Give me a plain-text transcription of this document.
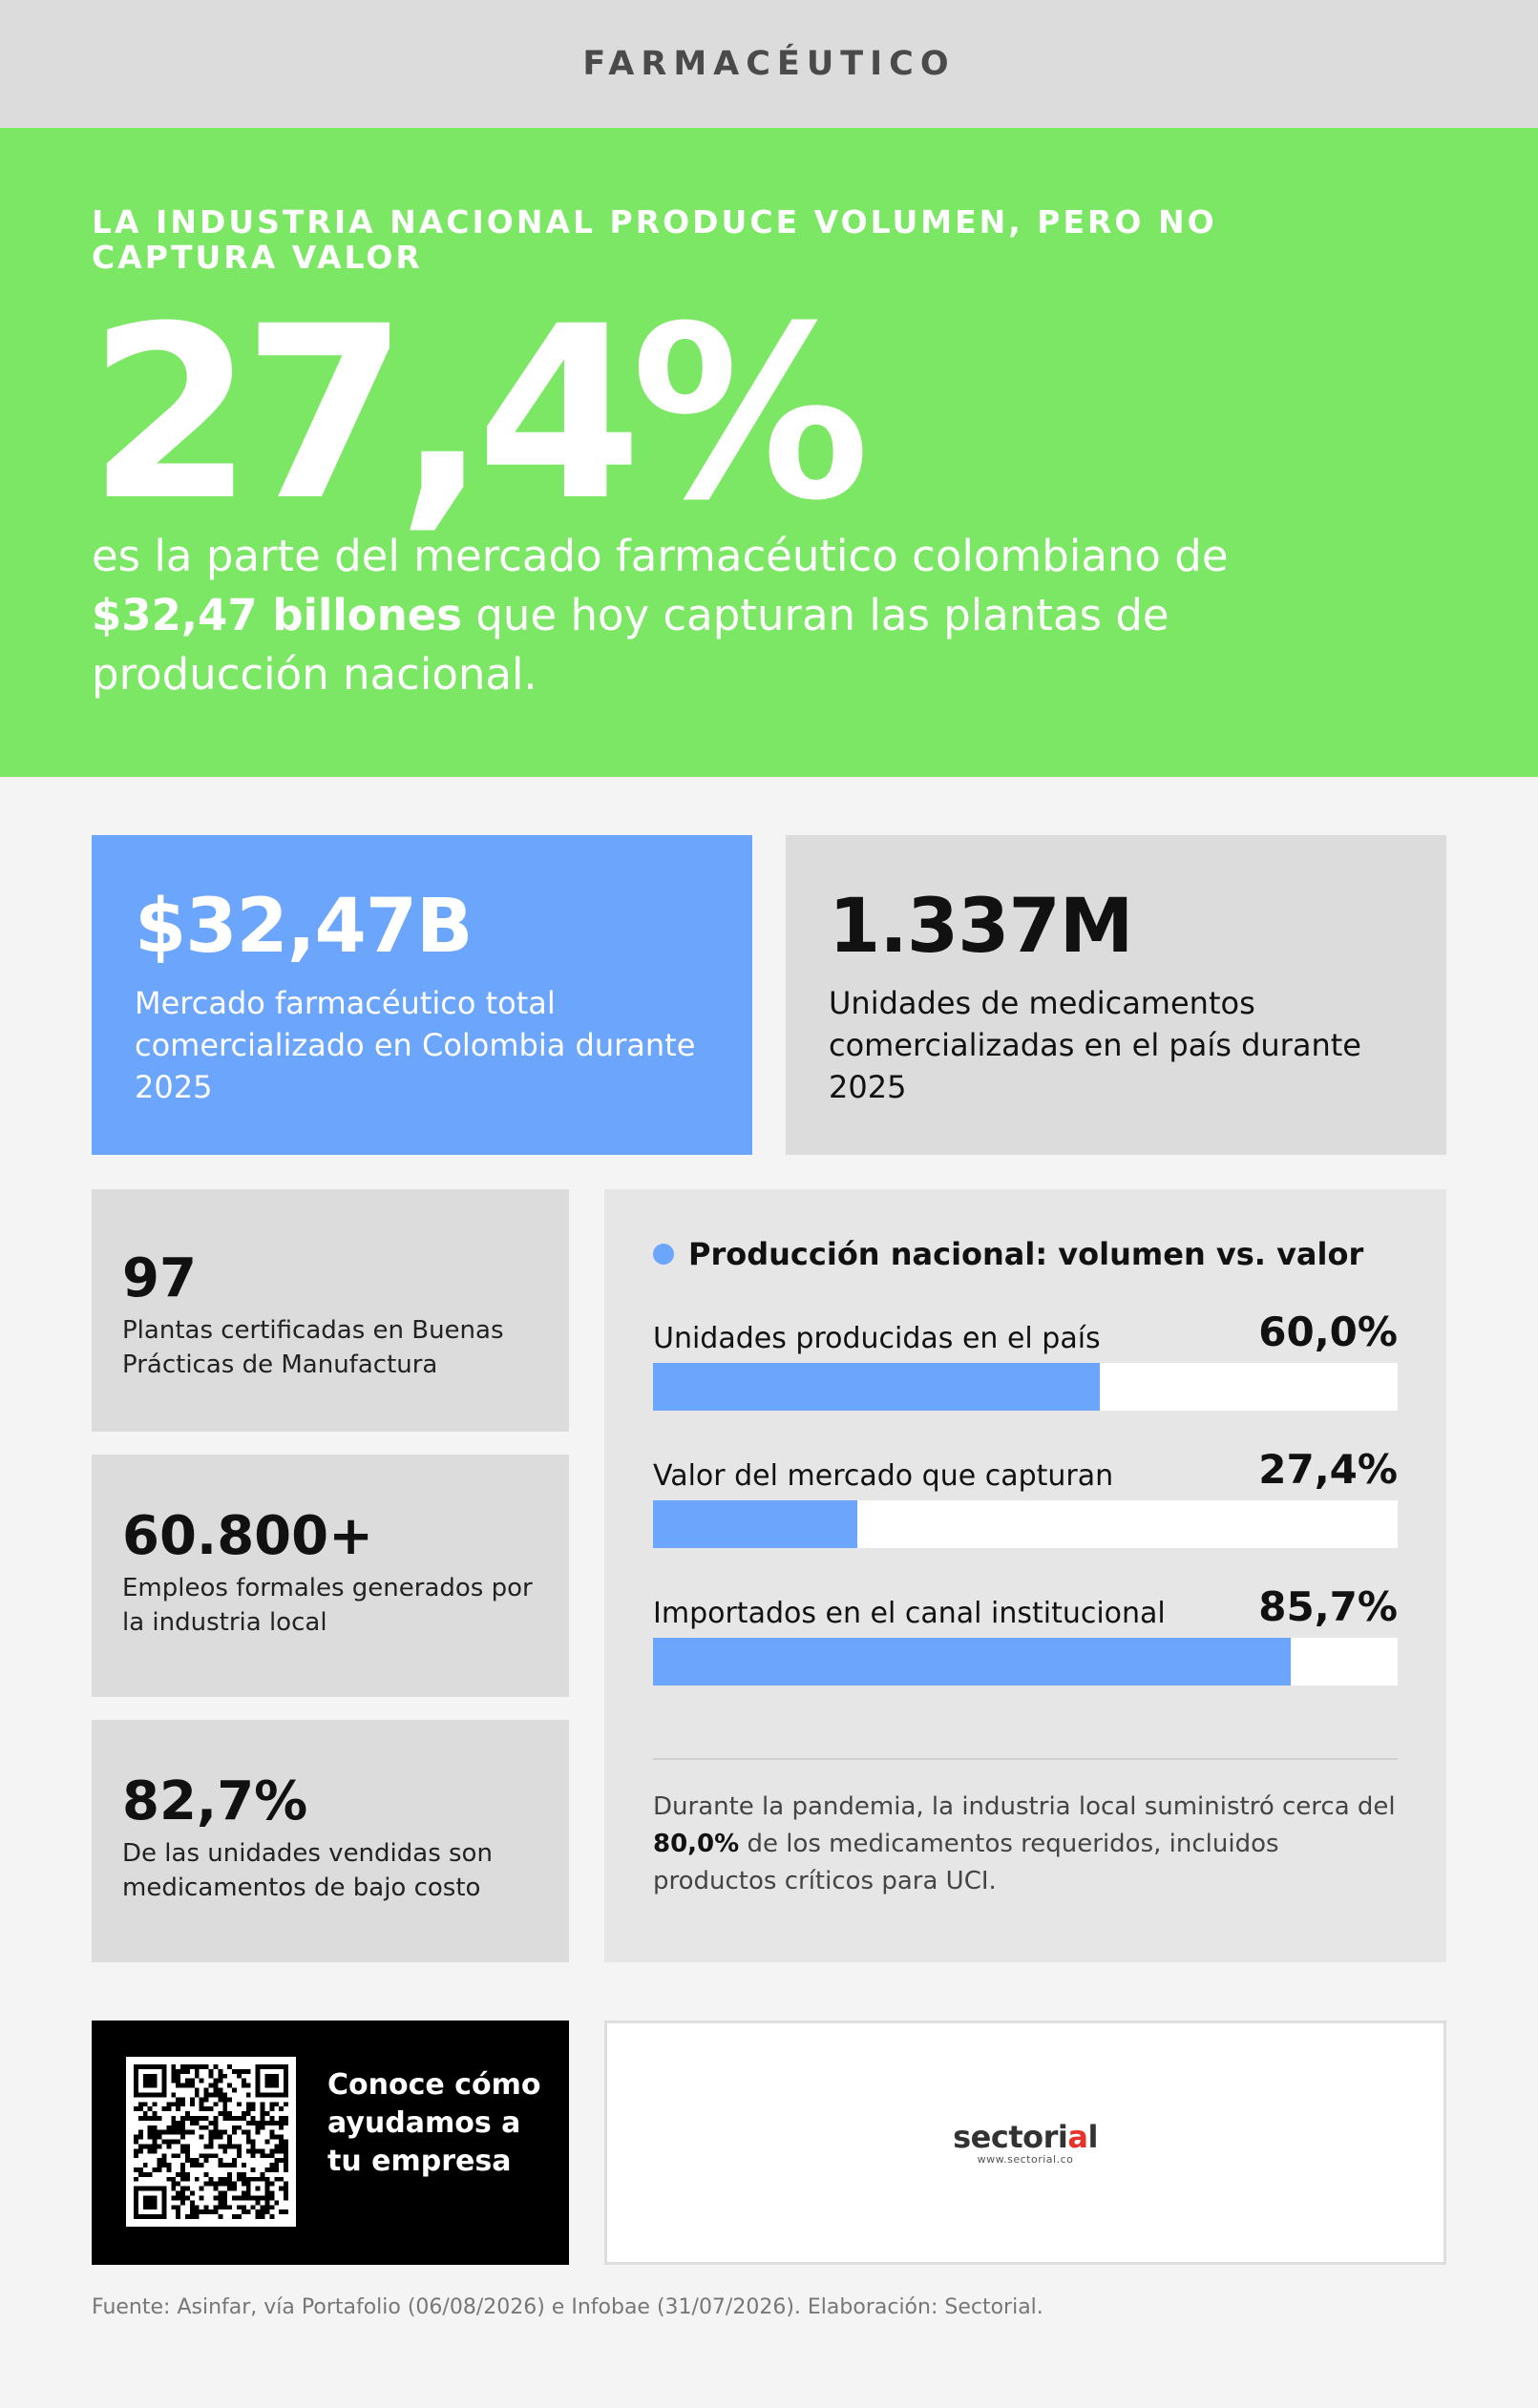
FARMACÉUTICO
LA INDUSTRIA NACIONAL PRODUCE VOLUMEN, PERO NO CAPTURA VALOR
27,4%
es la parte del mercado farmacéutico colombiano de $32,47 billones que hoy capturan las plantas de producción nacional.
$32,47B
Mercado farmacéutico total comercializado en Colombia durante 2025
1.337M
Unidades de medicamentos comercializadas en el país durante 2025
97
Plantas certificadas en Buenas Prácticas de Manufactura
60.800+
Empleos formales generados por la industria local
82,7%
De las unidades vendidas son medicamentos de bajo costo
Producción nacional: volumen vs. valor
Unidades producidas en el país	60,0%
Valor del mercado que capturan	27,4%
Importados en el canal institucional 85,7%
Durante la pandemia, la industria local suministró cerca del 80,0% de los medicamentos requeridos, incluidos productos críticos para UCI.
Conoce cómo ayudamos a tu empresa
sectorial
www.sectorial.co
Fuente: Asinfar, vía Portafolio (06/08/2026) e Infobae (31/07/2026). Elaboración: Sectorial.
